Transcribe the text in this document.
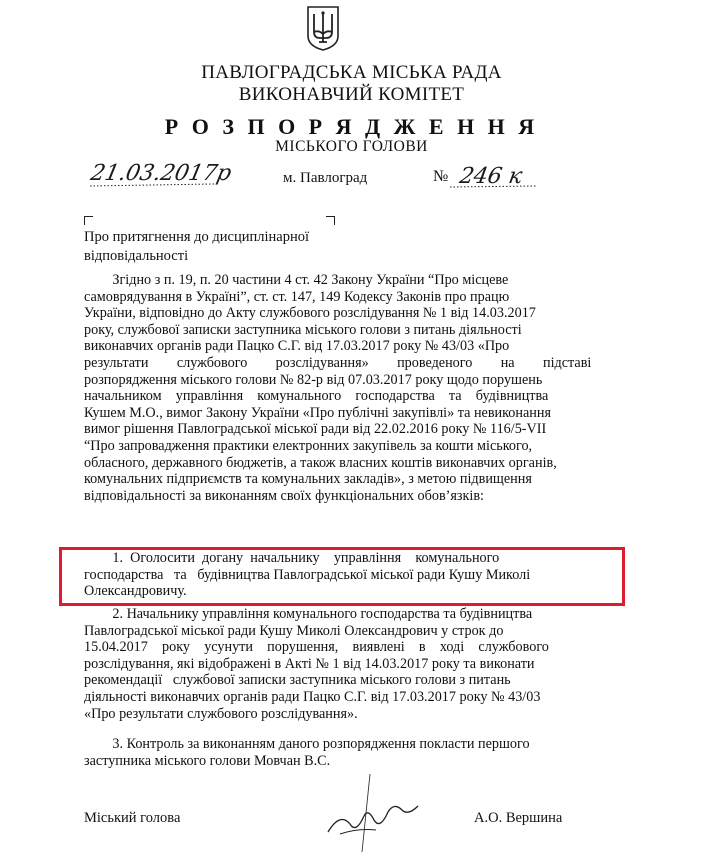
ПАВЛОГРАДСЬКА МІСЬКА РАДА
ВИКОНАВЧИЙ КОМІТЕТ
Р О З П О Р Я Д Ж Е Н Н Я
МІСЬКОГО ГОЛОВИ
21.03.2017р	м. Павлоград	№ 246 к
Про притягнення до дисциплінарної
відповідальності
Згідно з п. 19, п. 20 частини 4 ст. 42 Закону України “Про місцеве
самоврядування в Україні”, ст. ст. 147, 149 Кодексу Законів про працю
України, відповідно до Акту службового розслідування № 1 від 14.03.2017
року, службової записки заступника міського голови з питань діяльності
виконавчих органів ради Пацко С.Г. від 17.03.2017 року № 43/03 «Про
результати        службового        розслідування»        проведеного        на        підставі
розпорядження міського голови № 82-р від 07.03.2017 року щодо порушень
начальником    управління    комунального    господарства    та    будівництва
Кушем М.О., вимог Закону України «Про публічні закупівлі» та невиконання
вимог рішення Павлоградської міської ради від 22.02.2016 року № 116/5-VII
“Про запровадження практики електронних закупівель за кошти міського,
обласного, державного бюджетів, а також власних коштів виконавчих органів,
комунальних підприємств та комунальних закладів», з метою підвищення
відповідальності за виконанням своїх функціональних обов’язків:
1.  Оголосити  догану  начальнику    управління    комунального
господарства   та   будівництва Павлоградської міської ради Кушу Миколі
Олександровичу.
2. Начальнику управління комунального господарства та будівництва
Павлоградської міської ради Кушу Миколі Олександрович у строк до
15.04.2017    року    усунути    порушення,    виявлені    в    ході    службового
розслідування, які відображені в Акті № 1 від 14.03.2017 року та виконати
рекомендації   службової записки заступника міського голови з питань
діяльності виконавчих органів ради Пацко С.Г. від 17.03.2017 року № 43/03
«Про результати службового розслідування».
3. Контроль за виконанням даного розпорядження покласти першого
заступника міського голови Мовчан В.С.
Міський голова	А.О. Вершина
